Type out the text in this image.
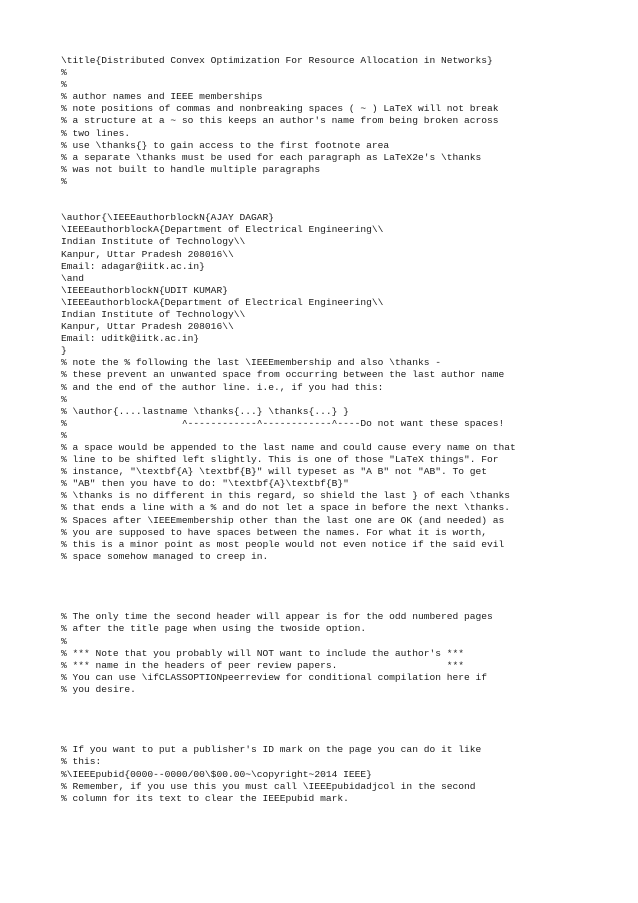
\title{Distributed Convex Optimization For Resource Allocation in Networks}
%
%
% author names and IEEE memberships
% note positions of commas and nonbreaking spaces ( ~ ) LaTeX will not break
% a structure at a ~ so this keeps an author's name from being broken across
% two lines.
% use \thanks{} to gain access to the first footnote area
% a separate \thanks must be used for each paragraph as LaTeX2e's \thanks
% was not built to handle multiple paragraphs
%
\author{\IEEEauthorblockN{AJAY DAGAR}
\IEEEauthorblockA{Department of Electrical Engineering\\
Indian Institute of Technology\\
Kanpur, Uttar Pradesh 208016\\
Email: adagar@iitk.ac.in}
\and
\IEEEauthorblockN{UDIT KUMAR}
\IEEEauthorblockA{Department of Electrical Engineering\\
Indian Institute of Technology\\
Kanpur, Uttar Pradesh 208016\\
Email: uditk@iitk.ac.in}
}
% note the % following the last \IEEEmembership and also \thanks -
% these prevent an unwanted space from occurring between the last author name
% and the end of the author line. i.e., if you had this:
%
% \author{....lastname \thanks{...} \thanks{...} }
%                    ^------------^------------^----Do not want these spaces!
%
% a space would be appended to the last name and could cause every name on that
% line to be shifted left slightly. This is one of those "LaTeX things". For
% instance, "\textbf{A} \textbf{B}" will typeset as "A B" not "AB". To get
% "AB" then you have to do: "\textbf{A}\textbf{B}"
% \thanks is no different in this regard, so shield the last } of each \thanks
% that ends a line with a % and do not let a space in before the next \thanks.
% Spaces after \IEEEmembership other than the last one are OK (and needed) as
% you are supposed to have spaces between the names. For what it is worth,
% this is a minor point as most people would not even notice if the said evil
% space somehow managed to creep in.
% The only time the second header will appear is for the odd numbered pages
% after the title page when using the twoside option.
%
% *** Note that you probably will NOT want to include the author's ***
% *** name in the headers of peer review papers.                   ***
% You can use \ifCLASSOPTIONpeerreview for conditional compilation here if
% you desire.
% If you want to put a publisher's ID mark on the page you can do it like
% this:
%\IEEEpubid{0000--0000/00\$00.00~\copyright~2014 IEEE}
% Remember, if you use this you must call \IEEEpubidadjcol in the second
% column for its text to clear the IEEEpubid mark.
